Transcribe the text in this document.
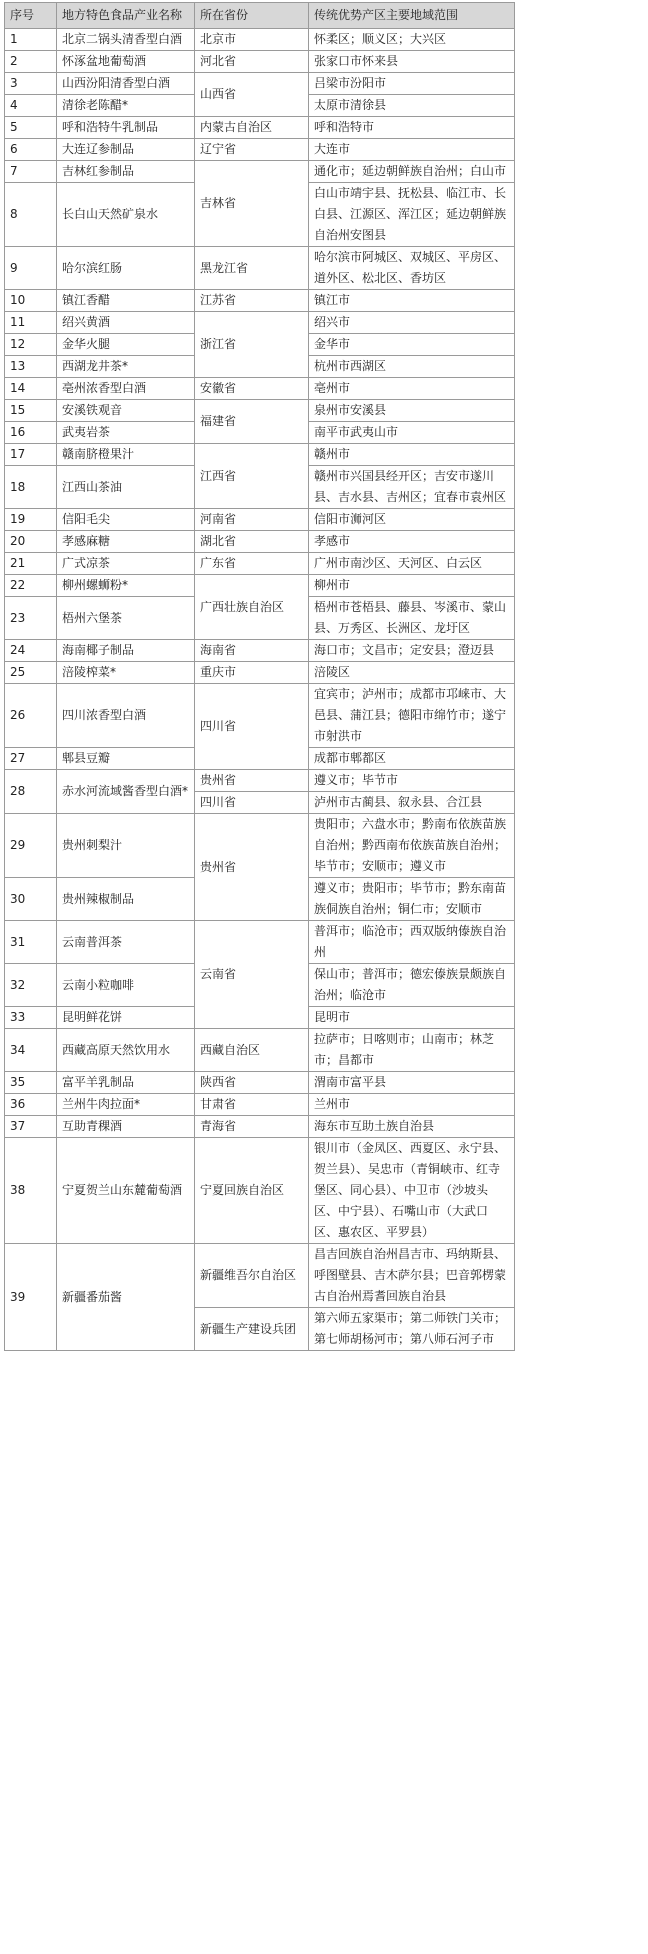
序号	地方特色食品产业名称	所在省份	传统优势产区主要地域范围
1	北京二锅头清香型白酒	北京市	怀柔区；顺义区；大兴区
2	怀涿盆地葡萄酒	河北省	张家口市怀来县
3	山西汾阳清香型白酒	山西省	吕梁市汾阳市
4	清徐老陈醋*		太原市清徐县
5	呼和浩特牛乳制品	内蒙古自治区	呼和浩特市
6	大连辽参制品	辽宁省	大连市
7	吉林红参制品	吉林省	通化市；延边朝鲜族自治州；白山市
8	长白山天然矿泉水		白山市靖宇县、抚松县、临江市、长白县、江源区、浑江区；延边朝鲜族自治州安图县
9	哈尔滨红肠	黑龙江省	哈尔滨市阿城区、双城区、平房区、道外区、松北区、香坊区
10	镇江香醋	江苏省	镇江市
11	绍兴黄酒	浙江省	绍兴市
12	金华火腿		金华市
13	西湖龙井茶*		杭州市西湖区
14	亳州浓香型白酒	安徽省	亳州市
15	安溪铁观音	福建省	泉州市安溪县
16	武夷岩茶		南平市武夷山市
17	赣南脐橙果汁	江西省	赣州市
18	江西山茶油		赣州市兴国县经开区；吉安市遂川县、吉水县、吉州区；宜春市袁州区
19	信阳毛尖	河南省	信阳市浉河区
20	孝感麻糖	湖北省	孝感市
21	广式凉茶	广东省	广州市南沙区、天河区、白云区
22	柳州螺蛳粉*	广西壮族自治区	柳州市
23	梧州六堡茶		梧州市苍梧县、藤县、岑溪市、蒙山县、万秀区、长洲区、龙圩区
24	海南椰子制品	海南省	海口市；文昌市；定安县；澄迈县
25	涪陵榨菜*	重庆市	涪陵区
26	四川浓香型白酒	四川省	宜宾市；泸州市；成都市邛崃市、大邑县、蒲江县；德阳市绵竹市；遂宁市射洪市
27	郫县豆瓣		成都市郫都区
28	赤水河流域酱香型白酒*	贵州省	遵义市；毕节市
		四川省	泸州市古蔺县、叙永县、合江县
29	贵州刺梨汁	贵州省	贵阳市；六盘水市；黔南布依族苗族自治州；黔西南布依族苗族自治州；毕节市；安顺市；遵义市
30	贵州辣椒制品		遵义市；贵阳市；毕节市；黔东南苗族侗族自治州；铜仁市；安顺市
31	云南普洱茶	云南省	普洱市；临沧市；西双版纳傣族自治州
32	云南小粒咖啡		保山市；普洱市；德宏傣族景颇族自治州；临沧市
33	昆明鲜花饼		昆明市
34	西藏高原天然饮用水	西藏自治区	拉萨市；日喀则市；山南市；林芝市；昌都市
35	富平羊乳制品	陕西省	渭南市富平县
36	兰州牛肉拉面*	甘肃省	兰州市
37	互助青稞酒	青海省	海东市互助土族自治县
38	宁夏贺兰山东麓葡萄酒	宁夏回族自治区	银川市（金凤区、西夏区、永宁县、贺兰县）、吴忠市（青铜峡市、红寺堡区、同心县）、中卫市（沙坡头区、中宁县）、石嘴山市（大武口区、惠农区、平罗县）
39	新疆番茄酱	新疆维吾尔自治区	昌吉回族自治州昌吉市、玛纳斯县、呼图壁县、吉木萨尔县；巴音郭楞蒙古自治州焉耆回族自治县
		新疆生产建设兵团	第六师五家渠市；第二师铁门关市；第七师胡杨河市；第八师石河子市
